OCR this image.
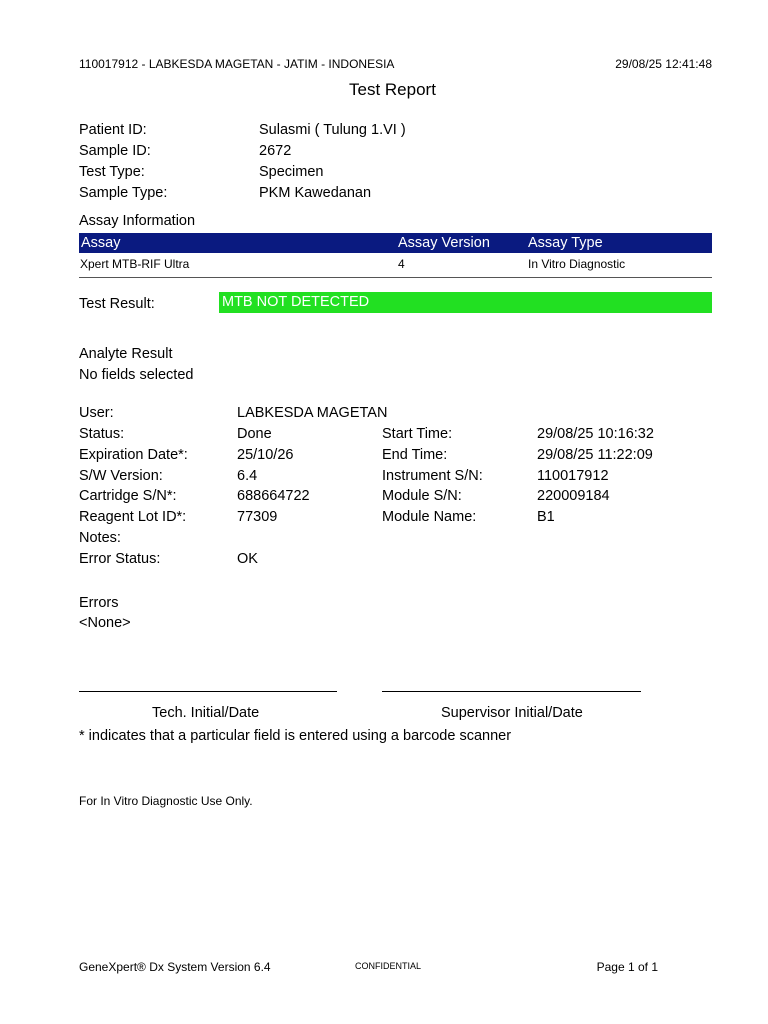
110017912 - LABKESDA MAGETAN - JATIM - INDONESIA	29/08/25 12:41:48
Test Report
Patient ID:	Sulasmi ( Tulung 1.VI )
Sample ID:	2672
Test Type:	Specimen
Sample Type:	PKM Kawedanan
Assay Information
Assay	Assay Version	Assay Type
Xpert MTB-RIF Ultra	4	In Vitro Diagnostic
Test Result:	MTB NOT DETECTED
Analyte Result
No fields selected
User:	LABKESDA MAGETAN
Status:	Done	Start Time:	29/08/25 10:16:32
Expiration Date*:	25/10/26	End Time:	29/08/25 11:22:09
S/W Version:	6.4	Instrument S/N:	110017912
Cartridge S/N*:	688664722	Module S/N:	220009184
Reagent Lot ID*:	77309	Module Name:	B1
Notes:
Error Status:	OK
Errors
<None>
Tech. Initial/Date	Supervisor Initial/Date
* indicates that a particular field is entered using a barcode scanner
For In Vitro Diagnostic Use Only.
GeneXpert® Dx System Version 6.4	CONFIDENTIAL	Page 1 of 1
